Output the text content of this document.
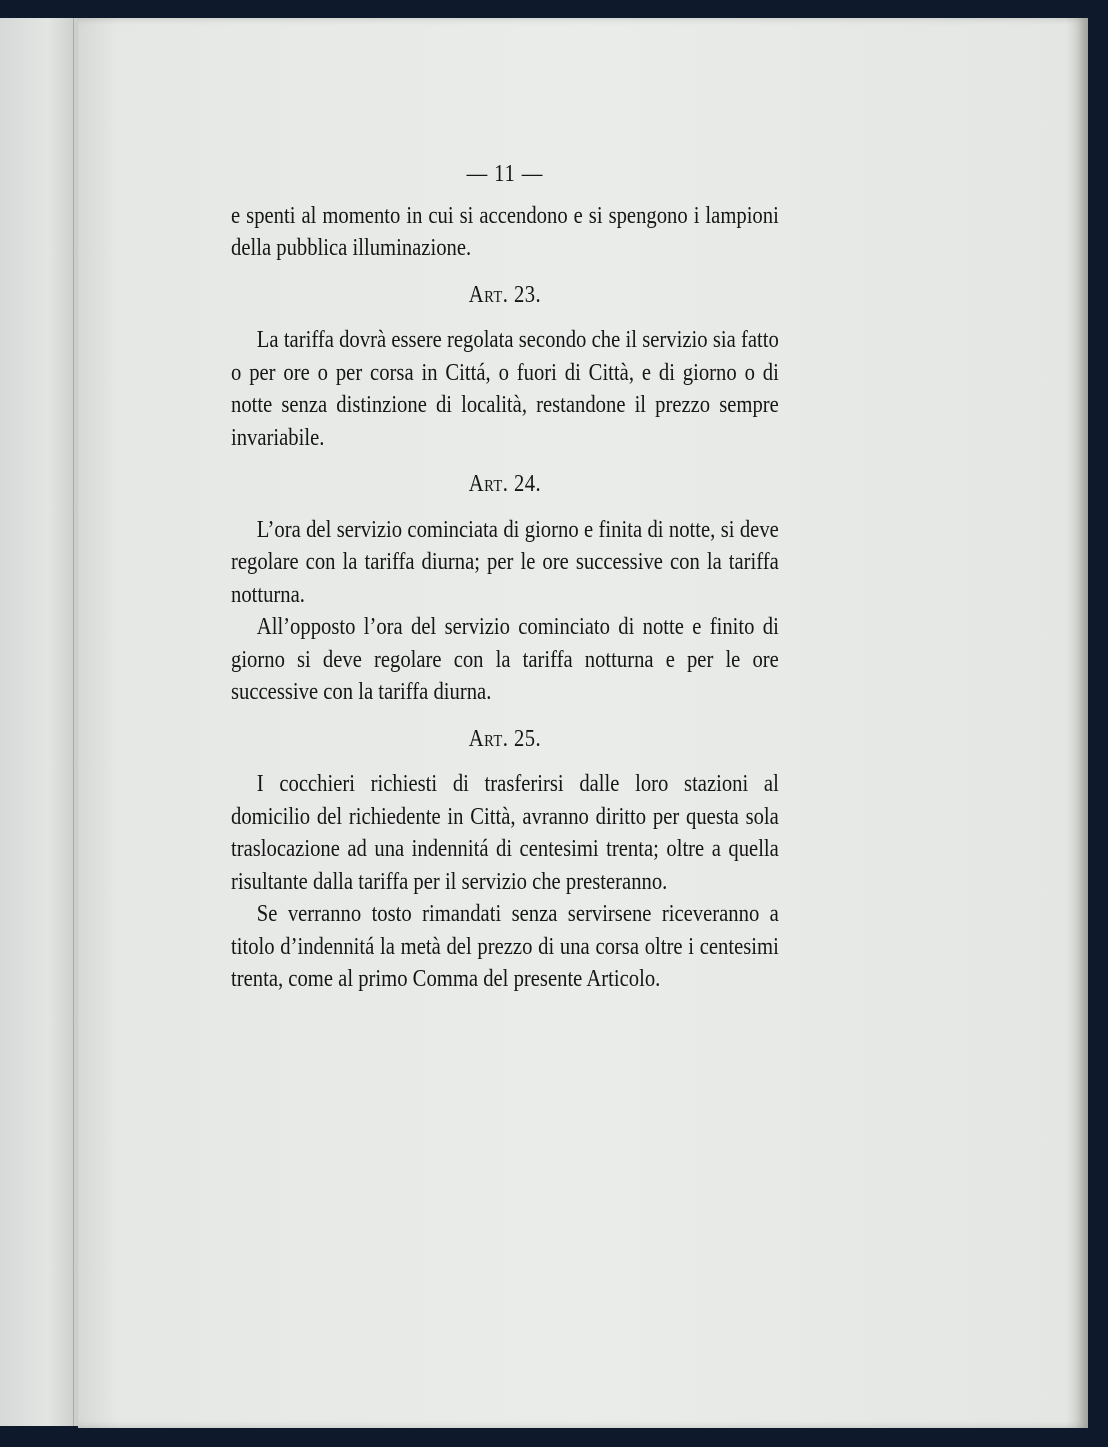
— 11 —

e spenti al momento in cui si accendono e si spengono i lampioni della pubblica illuminazione.

Art. 23.

La tariffa dovrà essere regolata secondo che il servizio sia fatto o per ore o per corsa in Cittá, o fuori di Città, e di giorno o di notte senza distinzione di località, restandone il prezzo sempre invariabile.

Art. 24.

L’ora del servizio cominciata di giorno e finita di notte, si deve regolare con la tariffa diurna; per le ore successive con la tariffa notturna.

All’opposto l’ora del servizio cominciato di notte e finito di giorno si deve regolare con la tariffa notturna e per le ore successive con la tariffa diurna.

Art. 25.

I cocchieri richiesti di trasferirsi dalle loro stazioni al domicilio del richiedente in Città, avranno diritto per questa sola traslocazione ad una indennitá di centesimi trenta; oltre a quella risultante dalla tariffa per il servizio che presteranno.

Se verranno tosto rimandati senza servirsene riceveranno a titolo d’indennitá la metà del prezzo di una corsa oltre i centesimi trenta, come al primo Comma del presente Articolo.
